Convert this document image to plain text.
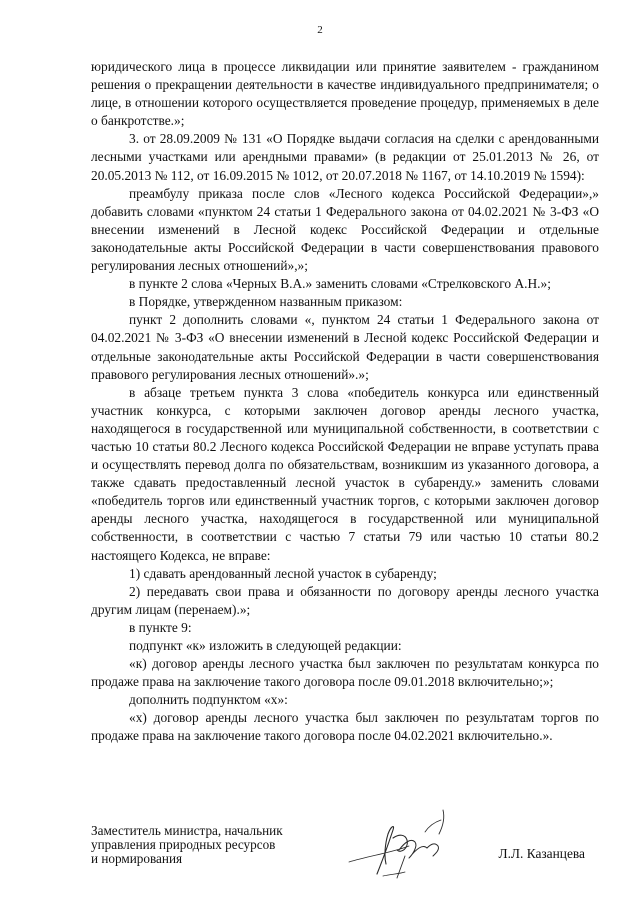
2

юридического лица в процессе ликвидации или принятие заявителем - гражданином решения о прекращении деятельности в качестве индивидуального предпринимателя; о лице, в отношении которого осуществляется проведение процедур, применяемых в деле о банкротстве.»;

3. от 28.09.2009 № 131 «О Порядке выдачи согласия на сделки с арендованными лесными участками или арендными правами» (в редакции от 25.01.2013 № 26, от 20.05.2013 № 112, от 16.09.2015 № 1012, от 20.07.2018 № 1167, от 14.10.2019 № 1594):

преамбулу приказа после слов «Лесного кодекса Российской Федерации»,» добавить словами «пунктом 24 статьи 1 Федерального закона от 04.02.2021 № 3-ФЗ «О внесении изменений в Лесной кодекс Российской Федерации и отдельные законодательные акты Российской Федерации в части совершенствования правового регулирования лесных отношений»,»;

в пункте 2 слова «Черных В.А.» заменить словами «Стрелковского А.Н.»;

в Порядке, утвержденном названным приказом:

пункт 2 дополнить словами «, пунктом 24 статьи 1 Федерального закона от 04.02.2021 № 3-ФЗ «О внесении изменений в Лесной кодекс Российской Федерации и отдельные законодательные акты Российской Федерации в части совершенствования правового регулирования лесных отношений».»;

в абзаце третьем пункта 3 слова «победитель конкурса или единственный участник конкурса, с которыми заключен договор аренды лесного участка, находящегося в государственной или муниципальной собственности, в соответствии с частью 10 статьи 80.2 Лесного кодекса Российской Федерации не вправе уступать права и осуществлять перевод долга по обязательствам, возникшим из указанного договора, а также сдавать предоставленный лесной участок в субаренду.» заменить словами «победитель торгов или единственный участник торгов, с которыми заключен договор аренды лесного участка, находящегося в государственной или муниципальной собственности, в соответствии с частью 7 статьи 79 или частью 10 статьи 80.2 настоящего Кодекса, не вправе:

1) сдавать арендованный лесной участок в субаренду;

2) передавать свои права и обязанности по договору аренды лесного участка другим лицам (перенаем).»;

в пункте 9:

подпункт «к» изложить в следующей редакции:

«к) договор аренды лесного участка был заключен по результатам конкурса по продаже права на заключение такого договора после 09.01.2018 включительно;»;

дополнить подпунктом «х»:

«х) договор аренды лесного участка был заключен по результатам торгов по продаже права на заключение такого договора после 04.02.2021 включительно.».

Заместитель министра, начальник
управления природных ресурсов
и нормирования	Л.Л. Казанцева
